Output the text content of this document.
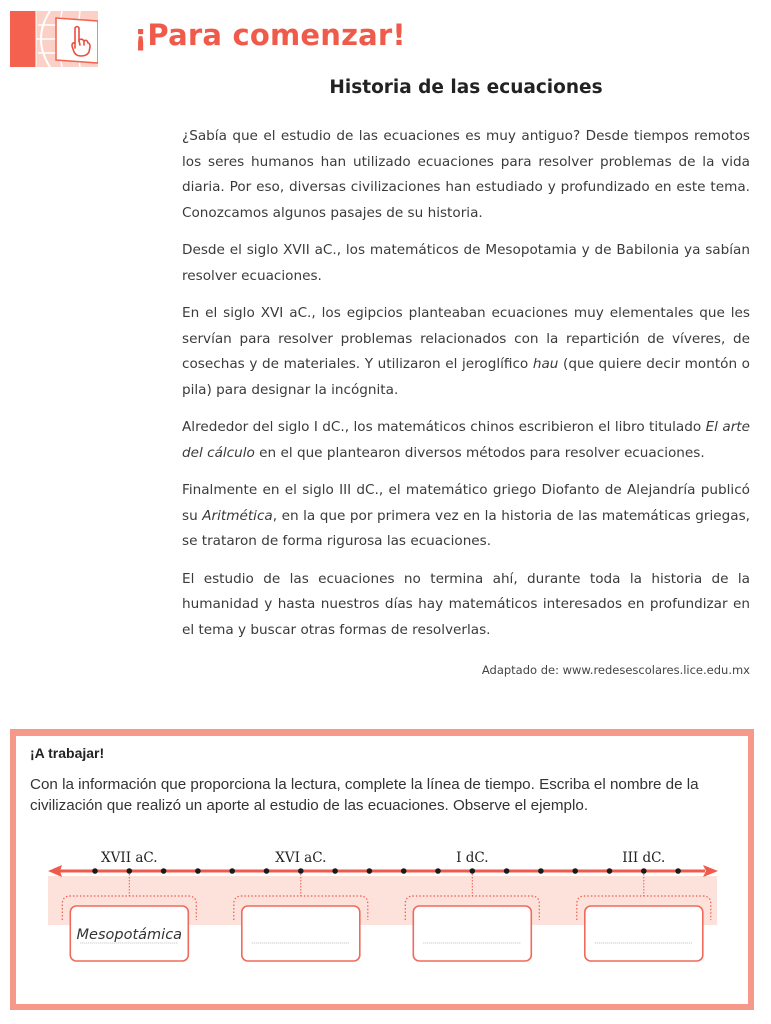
¡Para comenzar!
Historia de las ecuaciones

¿Sabía que el estudio de las ecuaciones es muy antiguo? Desde tiempos remotos los seres humanos han utilizado ecuaciones para resolver problemas de la vida diaria. Por eso, diversas civilizaciones han estudiado y profundizado en este tema. Conozcamos algunos pasajes de su historia.

Desde el siglo XVII aC., los matemáticos de Mesopotamia y de Babilonia ya sabían resolver ecuaciones.

En el siglo XVI aC., los egipcios planteaban ecuaciones muy elementales que les servían para resolver problemas relacionados con la repartición de víveres, de cosechas y de materiales. Y utilizaron el jeroglífico hau (que quiere decir montón o pila) para designar la incógnita.

Alrededor del siglo I dC., los matemáticos chinos escribieron el libro titulado El arte del cálculo en el que plantearon diversos métodos para resolver ecuaciones.

Finalmente en el siglo III dC., el matemático griego Diofanto de Alejandría publicó su Aritmética, en la que por primera vez en la historia de las matemáticas griegas, se trataron de forma rigurosa las ecuaciones.

El estudio de las ecuaciones no termina ahí, durante toda la historia de la humanidad y hasta nuestros días hay matemáticos interesados en profundizar en el tema y buscar otras formas de resolverlas.

Adaptado de: www.redesescolares.lice.edu.mx
¡A trabajar!

Con la información que proporciona la lectura, complete la línea de tiempo. Escriba el nombre de la civilización que realizó un aporte al estudio de las ecuaciones. Observe el ejemplo.

XVII aC.
Mesopotámica
XVI aC.	I dC.	III dC.
